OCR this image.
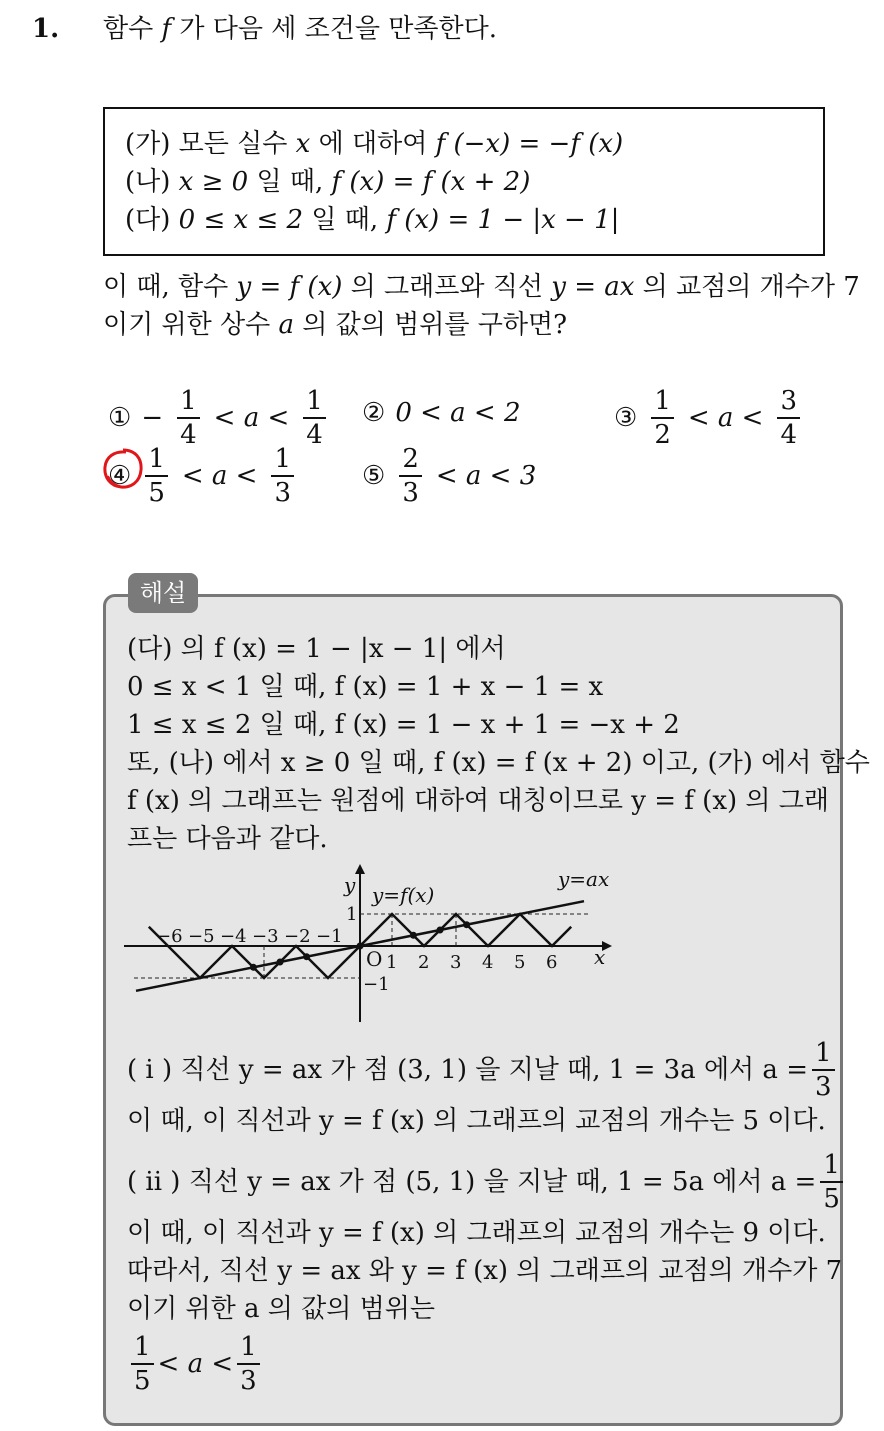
1. 함수 f 가 다음 세 조건을 만족한다.
(가) 모든 실수 x 에 대하여 f (−x) = −f (x)
(나) x ≥ 0 일 때, f (x) = f (x + 2)
(다) 0 ≤ x ≤ 2 일 때, f (x) = 1 − |x − 1|
이 때, 함수 y = f (x) 의 그래프와 직선 y = ax 의 교점의 개수가 7
이기 위한 상수 a 의 값의 범위를 구하면?
① − $\frac{1}{4} < a < \frac{1}{4}$ ② 0 < a < 2	③ $\frac{1}{2} < a < \frac{3}{4}$
④ $\frac{1}{5} < a < \frac{1}{3}$	⑤ $\frac{2}{3} < a < 3$
해설
(다) 의 f (x) = 1 − |x − 1| 에서
0 ≤ x < 1 일 때, f (x) = 1 + x − 1 = x
1 ≤ x ≤ 2 일 때, f (x) = 1 − x + 1 = −x + 2
또, (나) 에서 x ≥ 0 일 때, f (x) = f (x + 2) 이고, (가) 에서 함수
f (x) 의 그래프는 원점에 대하여 대칭이므로 y = f (x) 의 그래
프는 다음과 같다.
1 2 3 4 5 6
−6 −5 −4 −3 −2 −1
O
1
−1
y
x
y=f(x)
y=ax
( i ) 직선 y = ax 가 점 (3, 1) 을 지날 때, 1 = 3a 에서 $a = \frac{1}{3}$
이 때, 이 직선과 y = f (x) 의 그래프의 교점의 개수는 5 이다.
( ii ) 직선 y = ax 가 점 (5, 1) 을 지날 때, 1 = 5a 에서 $a = \frac{1}{5}$
이 때, 이 직선과 y = f (x) 의 그래프의 교점의 개수는 9 이다.
따라서, 직선 y = ax 와 y = f (x) 의 그래프의 교점의 개수가 7
이기 위한 a 의 값의 범위는
$\frac{1}{5} < a < \frac{1}{3}$
